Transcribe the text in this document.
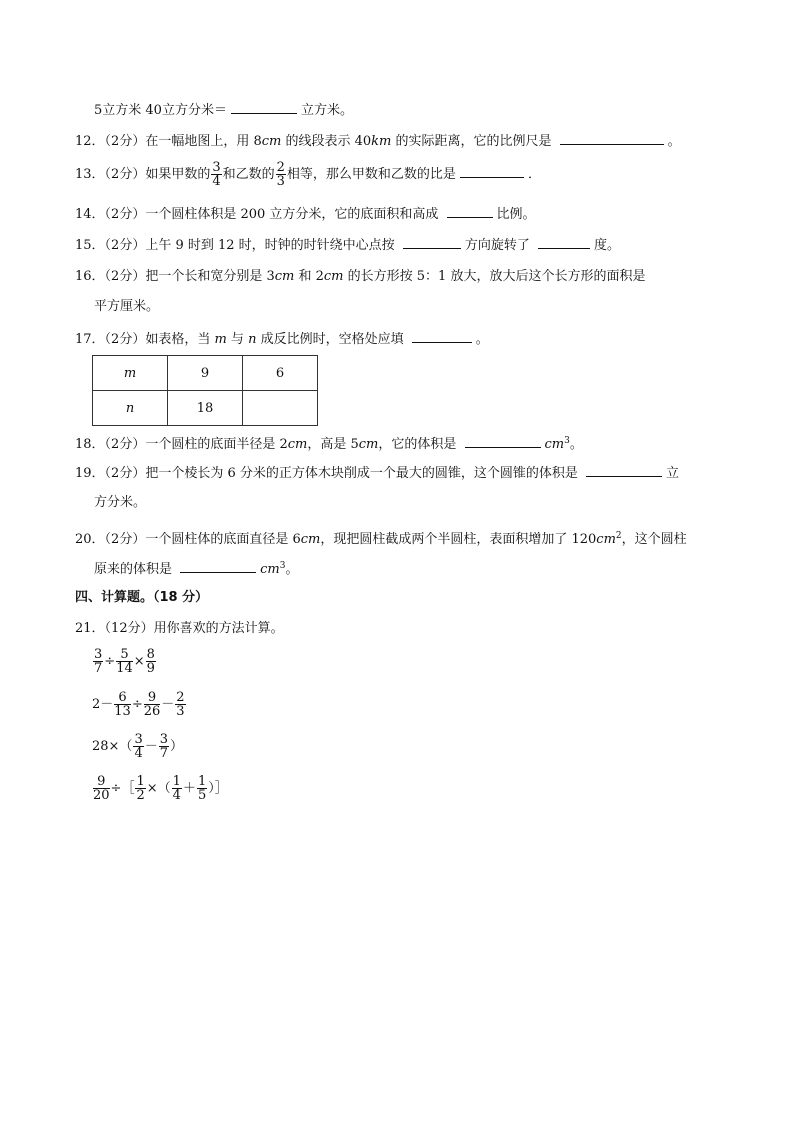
5立方米 40立方分米＝	立方米。
12．（2分）在一幅地图上，用 8cm 的线段表示 40km 的实际距离，它的比例尺是	。
13．（2分）如果甲数的 $\frac{3}{4}$ 和乙数的 $\frac{2}{3}$ 相等，那么甲数和乙数的比是	．
14．（2分）一个圆柱体积是 200 立方分米，它的底面积和高成	比例。
15．（2分）上午 9 时到 12 时，时钟的时针绕中心点按	方向旋转了	度。
16．（2分）把一个长和宽分别是 3cm 和 2cm 的长方形按 5：1 放大，放大后这个长方形的面积是
平方厘米。
17．（2分）如表格，当 m 与 n 成反比例时，空格处应填	。
m	9	6
n	18	
18．（2分）一个圆柱的底面半径是 2cm，高是 5cm，它的体积是	$cm^3$。
19．（2分）把一个棱长为 6 分米的正方体木块削成一个最大的圆锥，这个圆锥的体积是	立
方分米。
20．（2分）一个圆柱体的底面直径是 6cm，现把圆柱截成两个半圆柱，表面积增加了 $120cm^2$，这个圆柱
原来的体积是	$cm^3$。
四、计算题。（18 分）
21．（12分）用你喜欢的方法计算。
$\frac{3}{7} \div \frac{5}{14} \times \frac{8}{9}$
$2- \frac{6}{13} \div \frac{9}{26} - \frac{2}{3}$
$28\times( \frac{3}{4} - \frac{3}{7}$ ）
$\frac{9}{20}$ ÷［ $\frac{1}{2}$ ×（ $\frac{1}{4} + \frac{1}{5}$ ）］
